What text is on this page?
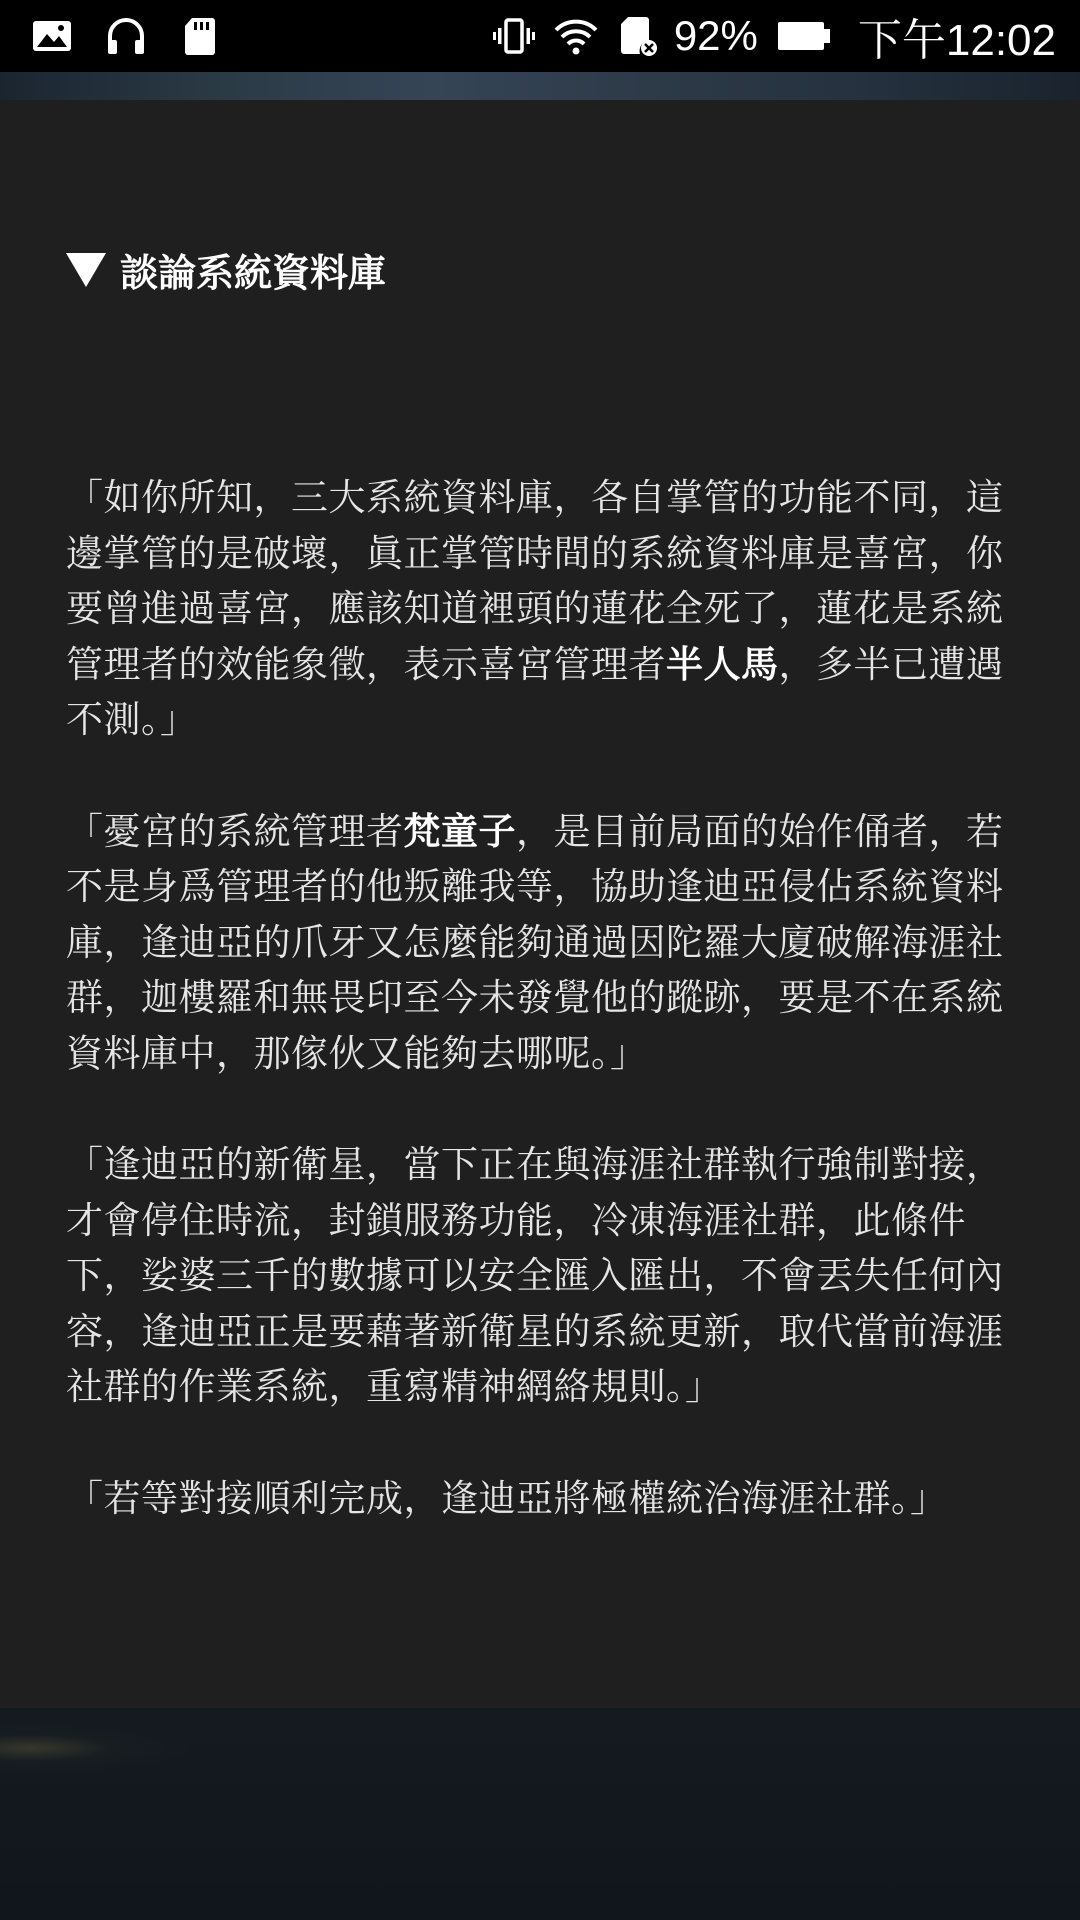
92% 下午12:02
談論系統資料庫

「如你所知，三大系統資料庫，各自掌管的功能不同，這邊掌管的是破壞，眞正掌管時間的系統資料庫是喜宮，你要曾進過喜宮，應該知道裡頭的蓮花全死了，蓮花是系統管理者的效能象徵，表示喜宮管理者半人馬，多半已遭遇不測。」

「憂宮的系統管理者梵童子，是目前局面的始作俑者，若不是身爲管理者的他叛離我等，協助逢迪亞侵佔系統資料庫，逢迪亞的爪牙又怎麼能夠通過因陀羅大廈破解海涯社群，迦樓羅和無畏印至今未發覺他的蹤跡，要是不在系統資料庫中，那傢伙又能夠去哪呢。」

「逢迪亞的新衛星，當下正在與海涯社群執行強制對接，才會停住時流，封鎖服務功能，冷凍海涯社群，此條件下，娑婆三千的數據可以安全匯入匯出，不會丟失任何內容，逢迪亞正是要藉著新衛星的系統更新，取代當前海涯社群的作業系統，重寫精神網絡規則。」

「若等對接順利完成，逢迪亞將極權統治海涯社群。」
